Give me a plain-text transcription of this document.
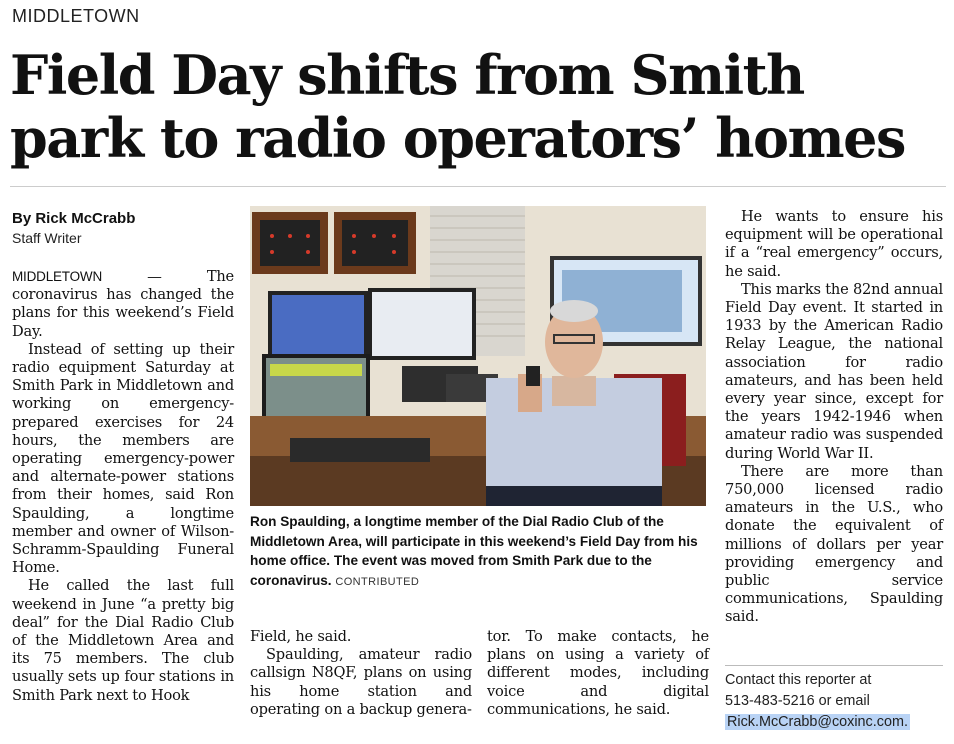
MIDDLETOWN
Field Day shifts from Smith park to radio operators’ homes
By Rick McCrabb
Staff Writer

MIDDLETOWN — The coronavirus has changed the plans for this weekend’s Field Day.

Instead of setting up their radio equipment Saturday at Smith Park in Middletown and working on emergency-prepared exercises for 24 hours, the members are operating emergency-power and alternate-power stations from their homes, said Ron Spaulding, a longtime member and owner of Wilson-Schramm-Spaulding Funeral Home.

He called the last full weekend in June “a pretty big deal” for the Dial Radio Club of the Middletown Area and its 75 members. The club usually sets up four stations in Smith Park next to Hook

Ron Spaulding, a longtime member of the Dial Radio Club of the Middletown Area, will participate in this weekend’s Field Day from his home office. The event was moved from Smith Park due to the coronavirus. CONTRIBUTED

Field, he said.

Spaulding, amateur radio callsign N8QF, plans on using his home station and operating on a backup genera-

tor. To make contacts, he plans on using a variety of different modes, including voice and digital communications, he said.

He wants to ensure his equipment will be operational if a “real emergency” occurs, he said.

This marks the 82nd annual Field Day event. It started in 1933 by the American Radio Relay League, the national association for radio amateurs, and has been held every year since, except for the years 1942-1946 when amateur radio was suspended during World War II.

There are more than 750,000 licensed radio amateurs in the U.S., who donate the equivalent of millions of dollars per year providing emergency and public service communications, Spaulding said.

Contact this reporter at
513-483-5216 or email
Rick.McCrabb@coxinc.com.
